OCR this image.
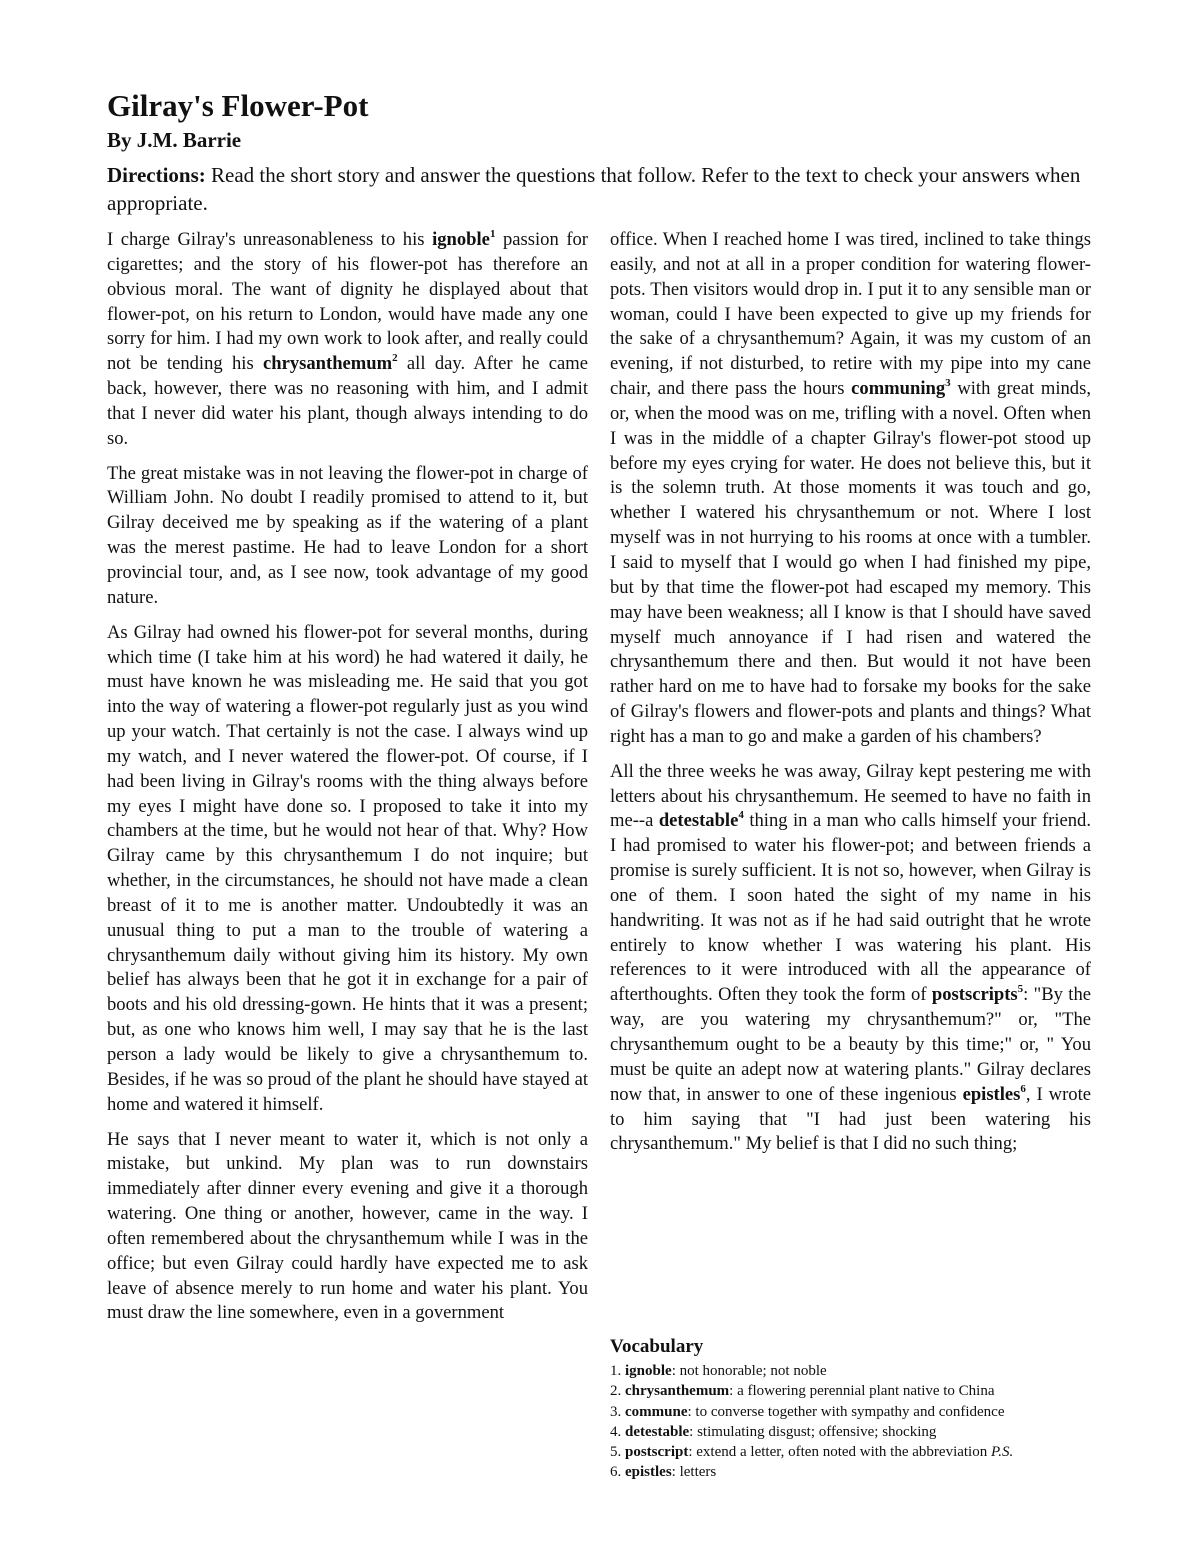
Gilray's Flower-Pot
By J.M. Barrie

Directions: Read the short story and answer the questions that follow. Refer to the text to check your answers when appropriate.

I charge Gilray's unreasonableness to his ignoble$^1$ passion for cigarettes; and the story of his flower-pot has therefore an obvious moral. The want of dignity he displayed about that flower-pot, on his return to London, would have made any one sorry for him. I had my own work to look after, and really could not be tending his chrysanthemum$^2$ all day. After he came back, however, there was no reasoning with him, and I admit that I never did water his plant, though always intending to do so.

The great mistake was in not leaving the flower-pot in charge of William John. No doubt I readily promised to attend to it, but Gilray deceived me by speaking as if the watering of a plant was the merest pastime. He had to leave London for a short provincial tour, and, as I see now, took advantage of my good nature.

As Gilray had owned his flower-pot for several months, during which time (I take him at his word) he had watered it daily, he must have known he was misleading me. He said that you got into the way of watering a flower-pot regularly just as you wind up your watch. That certainly is not the case. I always wind up my watch, and I never watered the flower-pot. Of course, if I had been living in Gilray's rooms with the thing always before my eyes I might have done so. I proposed to take it into my chambers at the time, but he would not hear of that. Why? How Gilray came by this chrysanthemum I do not inquire; but whether, in the circumstances, he should not have made a clean breast of it to me is another matter. Undoubtedly it was an unusual thing to put a man to the trouble of watering a chrysanthemum daily without giving him its history. My own belief has always been that he got it in exchange for a pair of boots and his old dressing-gown. He hints that it was a present; but, as one who knows him well, I may say that he is the last person a lady would be likely to give a chrysanthemum to. Besides, if he was so proud of the plant he should have stayed at home and watered it himself.

He says that I never meant to water it, which is not only a mistake, but unkind. My plan was to run downstairs immediately after dinner every evening and give it a thorough watering. One thing or another, however, came in the way. I often remembered about the chrysanthemum while I was in the office; but even Gilray could hardly have expected me to ask leave of absence merely to run home and water his plant. You must draw the line somewhere, even in a government

office. When I reached home I was tired, inclined to take things easily, and not at all in a proper condition for watering flower-pots. Then visitors would drop in. I put it to any sensible man or woman, could I have been expected to give up my friends for the sake of a chrysanthemum? Again, it was my custom of an evening, if not disturbed, to retire with my pipe into my cane chair, and there pass the hours communing$^3$ with great minds, or, when the mood was on me, trifling with a novel. Often when I was in the middle of a chapter Gilray's flower-pot stood up before my eyes crying for water. He does not believe this, but it is the solemn truth. At those moments it was touch and go, whether I watered his chrysanthemum or not. Where I lost myself was in not hurrying to his rooms at once with a tumbler. I said to myself that I would go when I had finished my pipe, but by that time the flower-pot had escaped my memory. This may have been weakness; all I know is that I should have saved myself much annoyance if I had risen and watered the chrysanthemum there and then. But would it not have been rather hard on me to have had to forsake my books for the sake of Gilray's flowers and flower-pots and plants and things? What right has a man to go and make a garden of his chambers?

All the three weeks he was away, Gilray kept pestering me with letters about his chrysanthemum. He seemed to have no faith in me--a detestable$^4$ thing in a man who calls himself your friend. I had promised to water his flower-pot; and between friends a promise is surely sufficient. It is not so, however, when Gilray is one of them. I soon hated the sight of my name in his handwriting. It was not as if he had said outright that he wrote entirely to know whether I was watering his plant. His references to it were introduced with all the appearance of afterthoughts. Often they took the form of postscripts$^5$: "By the way, are you watering my chrysanthemum?" or, "The chrysanthemum ought to be a beauty by this time;" or, " You must be quite an adept now at watering plants." Gilray declares now that, in answer to one of these ingenious epistles$^6$, I wrote to him saying that "I had just been watering his chrysanthemum." My belief is that I did no such thing;

Vocabulary
1. ignoble: not honorable; not noble
2. chrysanthemum: a flowering perennial plant native to China
3. commune: to converse together with sympathy and confidence
4. detestable: stimulating disgust; offensive; shocking
5. postscript: extend a letter, often noted with the abbreviation P.S.
6. epistles: letters
